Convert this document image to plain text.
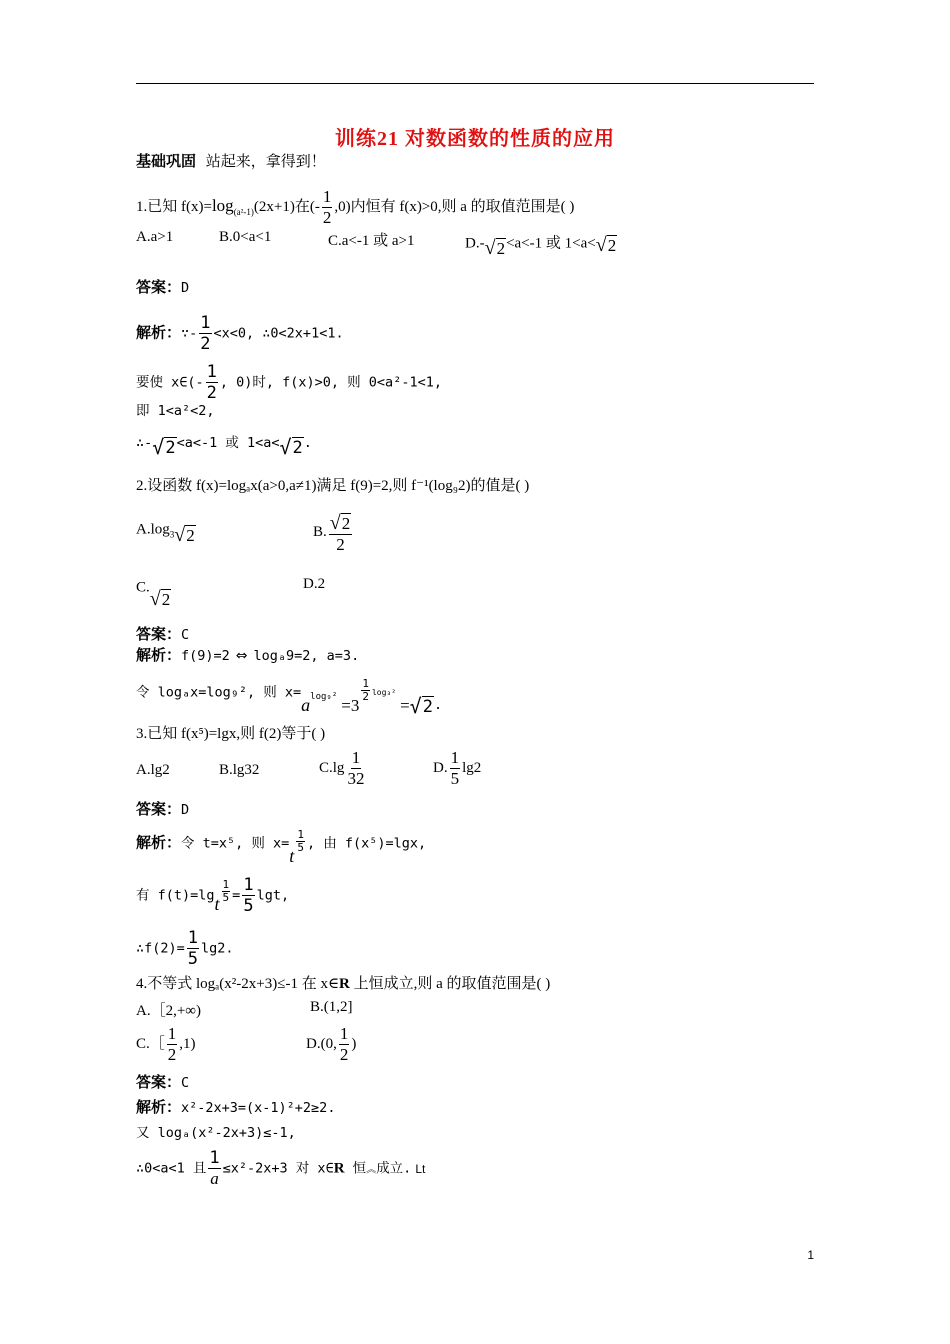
训练21 对数函数的性质的应用
基础巩固 站起来，拿得到！
1.已知 $f(x)=\log_{(a^2-1)}(2x+1)$在(- $\frac{1}{2} ,0$)内恒有 f(x)>0,则 a 的取值范围是( )
A.a>1	B.0<a<1	C.a<-1 或 a>1	D.- √ 2 <a<-1 或 1<a< √ 2
答案：D
解析：∵- $\frac{1}{2} <x<0$, ∴0<2x+1<1.
要使 x∈(- $\frac{1}{2}$ , 0)时, f(x)>0, 则 0<a²-1<1,
即 1<a²<2,
∴- √ 2 <a<-1 或 1<a< √ 2 .
2.设函数 f(x)=logₐx(a>0,a≠1)满足 f(9)=2,则 f⁻¹(log₉2)的值是( )
$A.\log_3$ √ 2	B. $\frac{√ 2}{2}$
C.
√ 2
D.2
答案：C
解析：f(9)=2 ⇔ logₐ9=2, a=3.
令 logₐx=log₉², 则 x=alog₉² =3
$\frac{1}{2} \log_3^2=$ √ 2 .
3.已知 f(x⁵)=lgx,则 f(2)等于( )
A.lg2	B.lg32	$C.\lg \frac{1}{32}$	D. $\frac{1}{5} \lg 2$
答案：D
解析：令 t=x⁵, 则 x=t
$\frac{1}{5}$ , 由 f(x⁵)=lgx,
有 $f(t)=\lg t \frac{1}{5} = \frac{1}{5} \lg t$,
∴f(2)= $\frac{1}{5} \lg 2$.
4.不等式 logₐ(x²-2x+3)≤-1 在 x∈R 上恒成立,则 a 的取值范围是( )
A.［2,+∞)	B.(1,2]
C.［ $\frac{1}{2} ,1$)	D.(0, $\frac{1}{2}$ )
答案：C
解析：x²-2x+3=(x-1)²+2≥2.
又 logₐ(x²-2x+3)≤-1,
∴0<a<1 且 $\frac{1}{a} \le x^2-2x+3$ 对 x∈R 恒︽成立. Lt
1
